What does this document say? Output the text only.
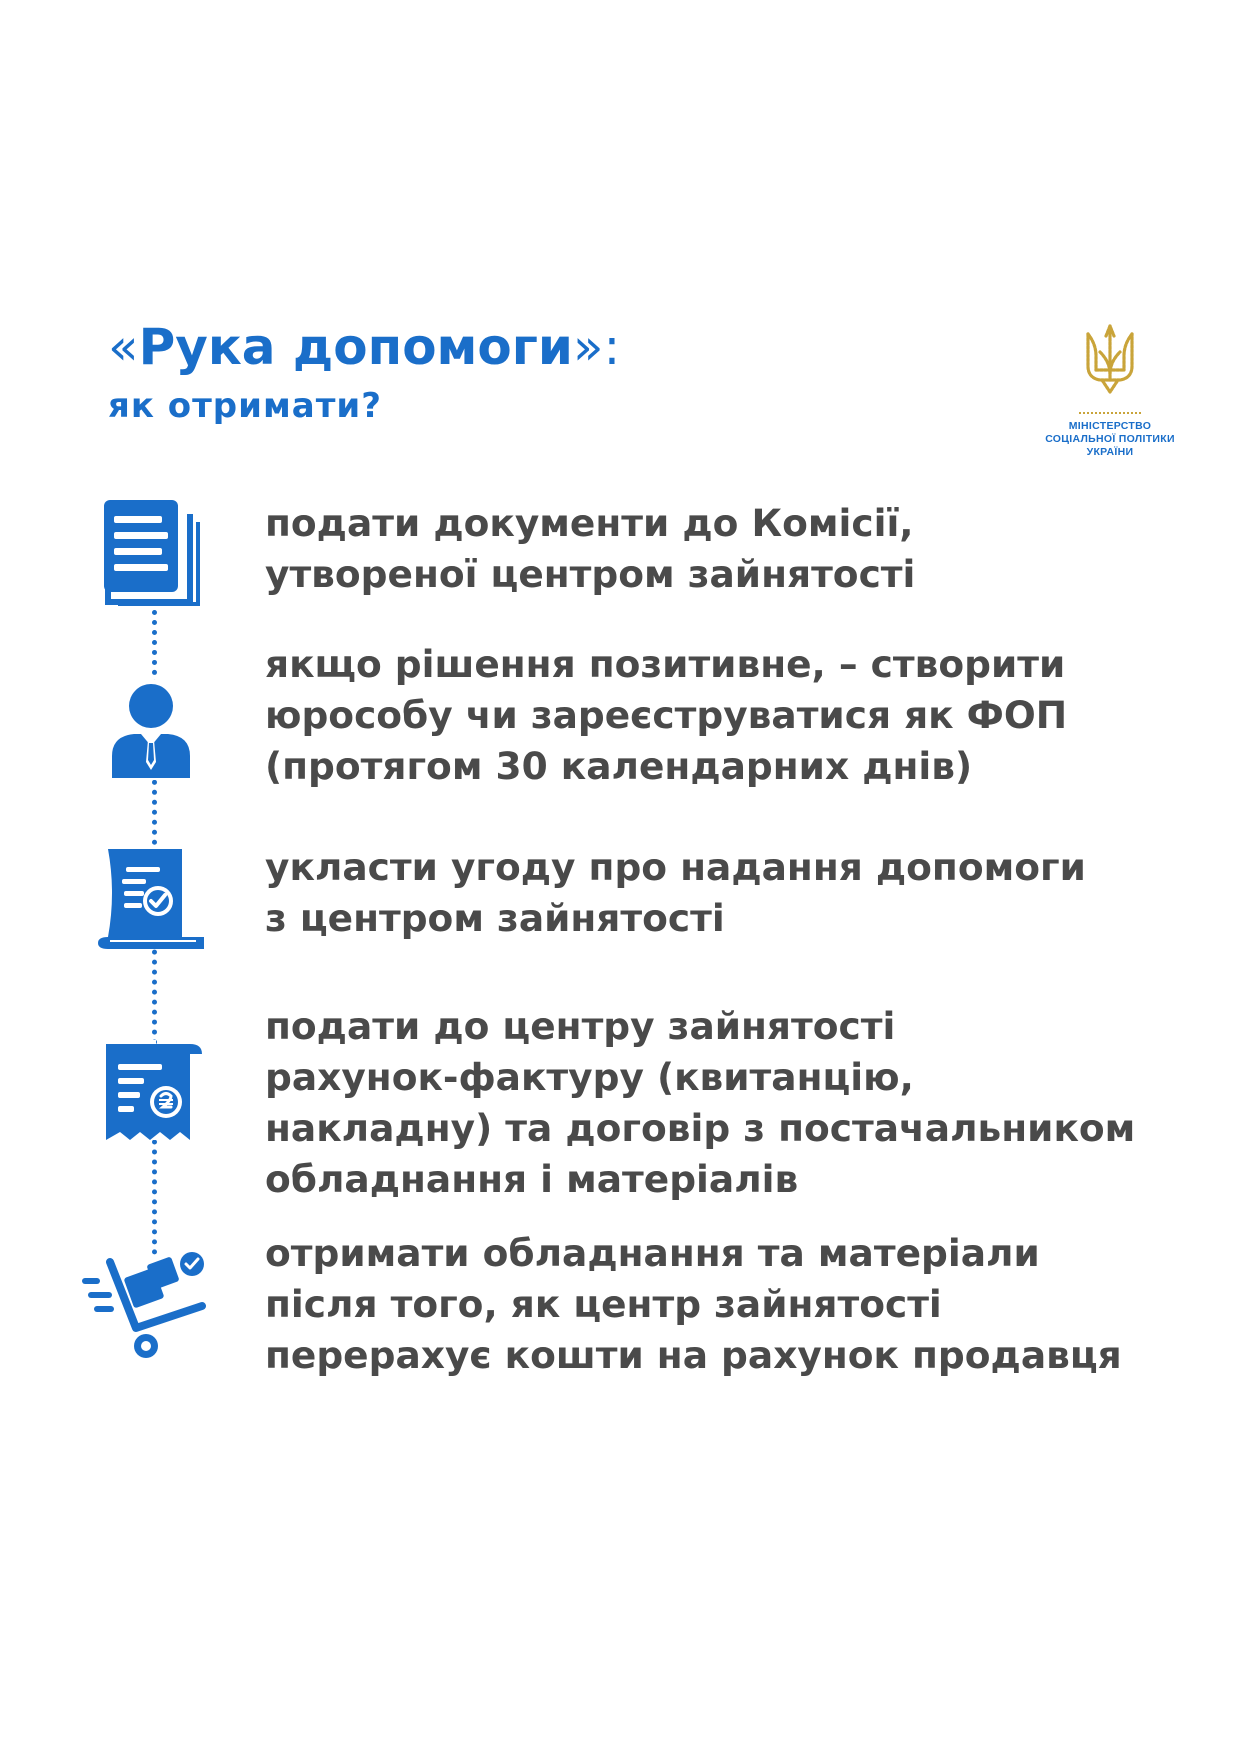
«Рука допомоги»:
як отримати?	МІНІСТЕРСТВО
СОЦІАЛЬНОЇ ПОЛІТИКИ
УКРАЇНИ
подати документи до Комісії,
утвореної центром зайнятості
якщо рішення позитивне, – створити
юрособу чи зареєструватися як ФОП
(протягом 30 календарних днів)
укласти угоду про надання допомоги
з центром зайнятості
подати до центру зайнятості
рахунок-фактуру (квитанцію,
накладну) та договір з постачальником
обладнання і матеріалів
отримати обладнання та матеріали
після того, як центр зайнятості
перерахує кошти на рахунок продавця
